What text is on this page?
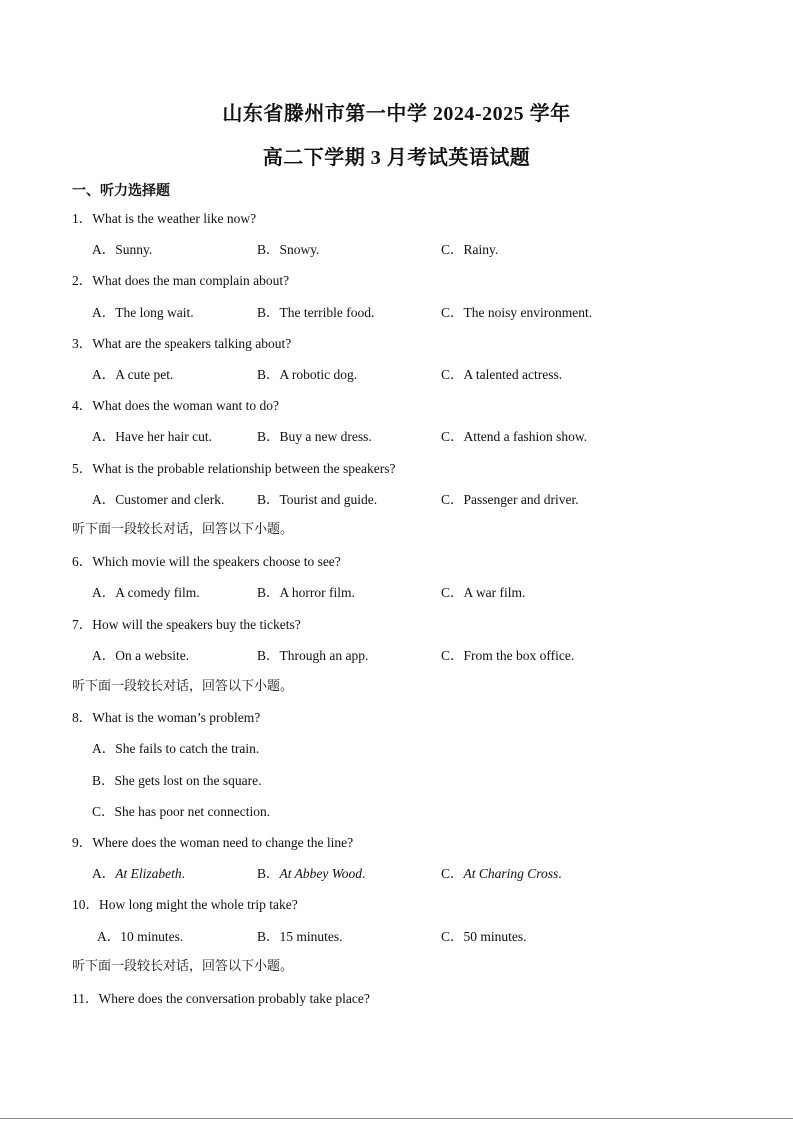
山东省滕州市第一中学 2024-2025 学年
高二下学期 3 月考试英语试题
一、听力选择题
1．What is the weather like now?
A．Sunny.	B．Snowy.	C．Rainy.
2．What does the man complain about?
A．The long wait.	B．The terrible food.	C．The noisy environment.
3．What are the speakers talking about?
A．A cute pet.	B．A robotic dog.	C．A talented actress.
4．What does the woman want to do?
A．Have her hair cut.	B．Buy a new dress.	C．Attend a fashion show.
5．What is the probable relationship between the speakers?
A．Customer and clerk. B．Tourist and guide.	C．Passenger and driver.
听下面一段较长对话，回答以下小题。
6．Which movie will the speakers choose to see?
A．A comedy film.	B．A horror film.	C．A war film.
7．How will the speakers buy the tickets?
A．On a website.	B．Through an app.	C．From the box office.
听下面一段较长对话，回答以下小题。
8．What is the woman’s problem?
A．She fails to catch the train.
B．She gets lost on the square.
C．She has poor net connection.
9．Where does the woman need to change the line?
A．At Elizabeth.	B．At Abbey Wood.	C．At Charing Cross.
10．How long might the whole trip take?
A．10 minutes.	B．15 minutes.	C．50 minutes.
听下面一段较长对话，回答以下小题。
11．Where does the conversation probably take place?
